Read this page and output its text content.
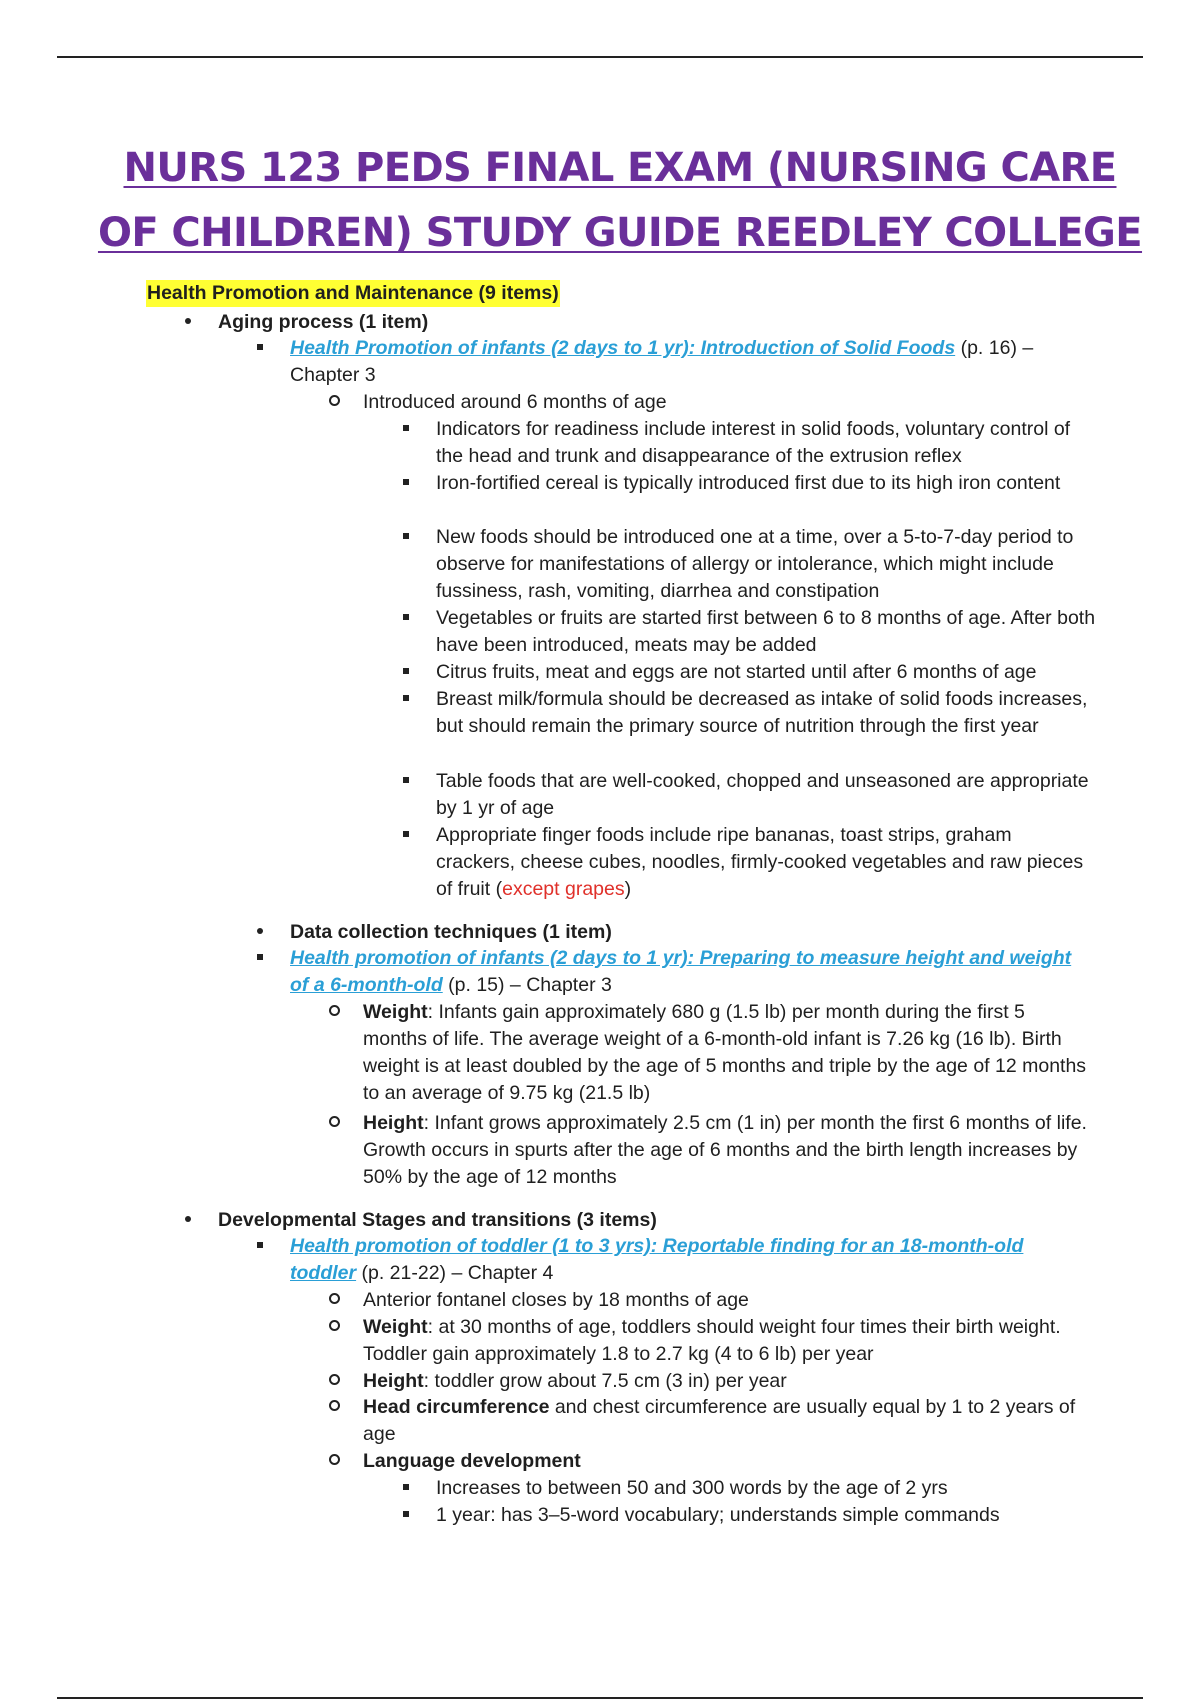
NURS 123 PEDS FINAL EXAM (NURSING CARE
OF CHILDREN) STUDY GUIDE REEDLEY COLLEGE
Health Promotion and Maintenance (9 items)
Aging process (1 item)
Health Promotion of infants (2 days to 1 yr): Introduction of Solid Foods (p. 16) –
Chapter 3
Introduced around 6 months of age
Indicators for readiness include interest in solid foods, voluntary control of the head and trunk and disappearance of the extrusion reflex
Iron-fortified cereal is typically introduced first due to its high iron content
New foods should be introduced one at a time, over a 5-to-7-day period to observe for manifestations of allergy or intolerance, which might include fussiness, rash, vomiting, diarrhea and constipation
Vegetables or fruits are started first between 6 to 8 months of age. After both have been introduced, meats may be added
Citrus fruits, meat and eggs are not started until after 6 months of age
Breast milk/formula should be decreased as intake of solid foods increases, but should remain the primary source of nutrition through the first year
Table foods that are well-cooked, chopped and unseasoned are appropriate by 1 yr of age
Appropriate finger foods include ripe bananas, toast strips, graham crackers, cheese cubes, noodles, firmly-cooked vegetables and raw pieces of fruit (except grapes)
Data collection techniques (1 item)
Health promotion of infants (2 days to 1 yr): Preparing to measure height and weight of a 6-month-old (p. 15) – Chapter 3
Weight: Infants gain approximately 680 g (1.5 lb) per month during the first 5 months of life. The average weight of a 6-month-old infant is 7.26 kg (16 lb). Birth weight is at least doubled by the age of 5 months and triple by the age of 12 months to an average of 9.75 kg (21.5 lb)
Height: Infant grows approximately 2.5 cm (1 in) per month the first 6 months of life. Growth occurs in spurts after the age of 6 months and the birth length increases by 50% by the age of 12 months
Developmental Stages and transitions (3 items)
Health promotion of toddler (1 to 3 yrs): Reportable finding for an 18-month-old toddler (p. 21-22) – Chapter 4
Anterior fontanel closes by 18 months of age
Weight: at 30 months of age, toddlers should weight four times their birth weight. Toddler gain approximately 1.8 to 2.7 kg (4 to 6 lb) per year
Height: toddler grow about 7.5 cm (3 in) per year
Head circumference and chest circumference are usually equal by 1 to 2 years of age
Language development
Increases to between 50 and 300 words by the age of 2 yrs
1 year: has 3–5-word vocabulary; understands simple commands
